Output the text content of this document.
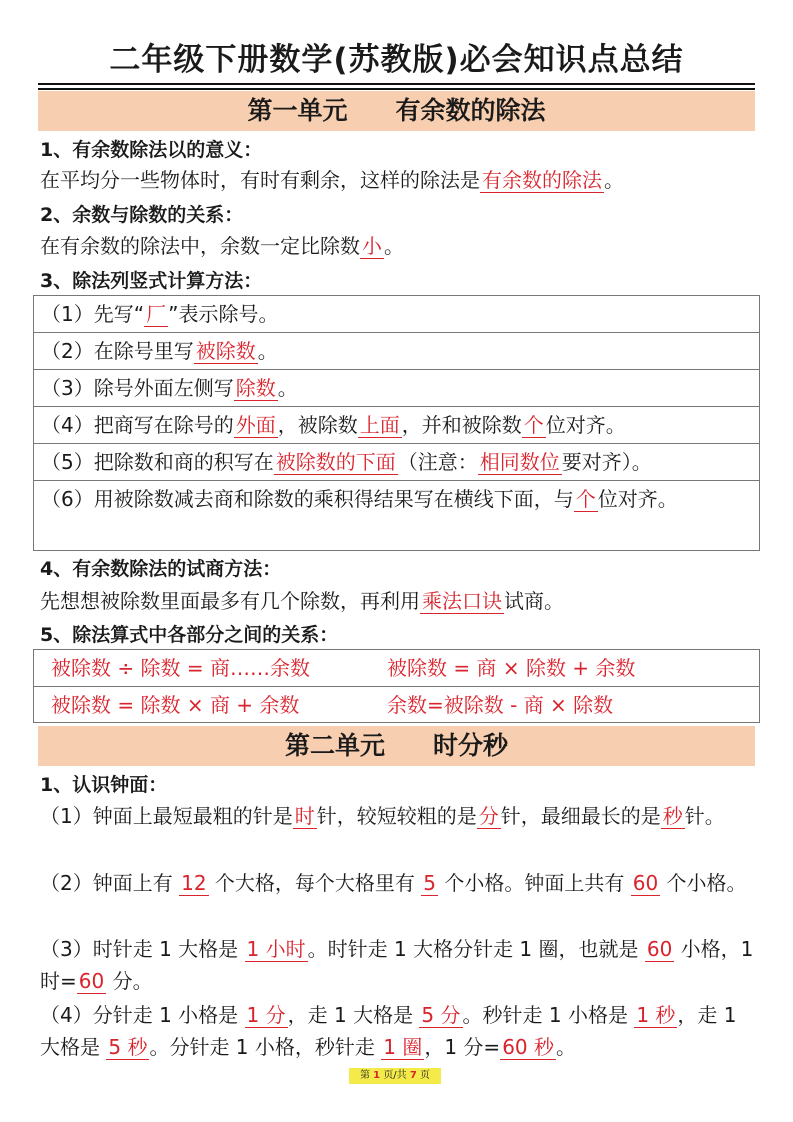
二年级下册数学(苏教版)必会知识点总结
第一单元 有余数的除法
1、有余数除法以的意义：
在平均分一些物体时，有时有剩余，这样的除法是 有余数的除法 。
2、余数与除数的关系：
在有余数的除法中，余数一定比除数 小 。
3、除法列竖式计算方法：
（1）先写“ 厂 ”表示除号。
（2）在除号里写 被除数 。
（3）除号外面左侧写 除数 。
（4）把商写在除号的 外面 ，被除数 上面 ，并和被除数 个 位对齐。
（5）把除数和商的积写在 被除数的下面 （注意： 相同数位 要对齐）。
（6）用被除数减去商和除数的乘积得结果写在横线下面，与 个 位对齐。
4、有余数除法的试商方法：
先想想被除数里面最多有几个除数，再利用 乘法口诀 试商。
5、除法算式中各部分之间的关系：
被除数 ÷ 除数 = 商……余数	被除数 = 商 × 除数 + 余数
被除数 = 除数 × 商 + 余数	余数=被除数 - 商 × 除数
第二单元 时分秒
1、认识钟面：
（1）钟面上最短最粗的针是 时 针，较短较粗的是 分 针，最细最长的是 秒 针。
（2）钟面上有 12 个大格，每个大格里有 5 个小格。钟面上共有 60 个小格。
（3）时针走 1 大格是 1 小时 。时针走 1 大格分针走 1 圈，也就是 60 小格，1 时= 60 分。
（4）分针走 1 小格是 1 分 ，走 1 大格是 5 分 。秒针走 1 小格是 1 秒 ，走 1 大格是 5 秒 。分针走 1 小格，秒针走 1 圈 ，1 分= 60 秒 。
第 1 页/共 7 页
